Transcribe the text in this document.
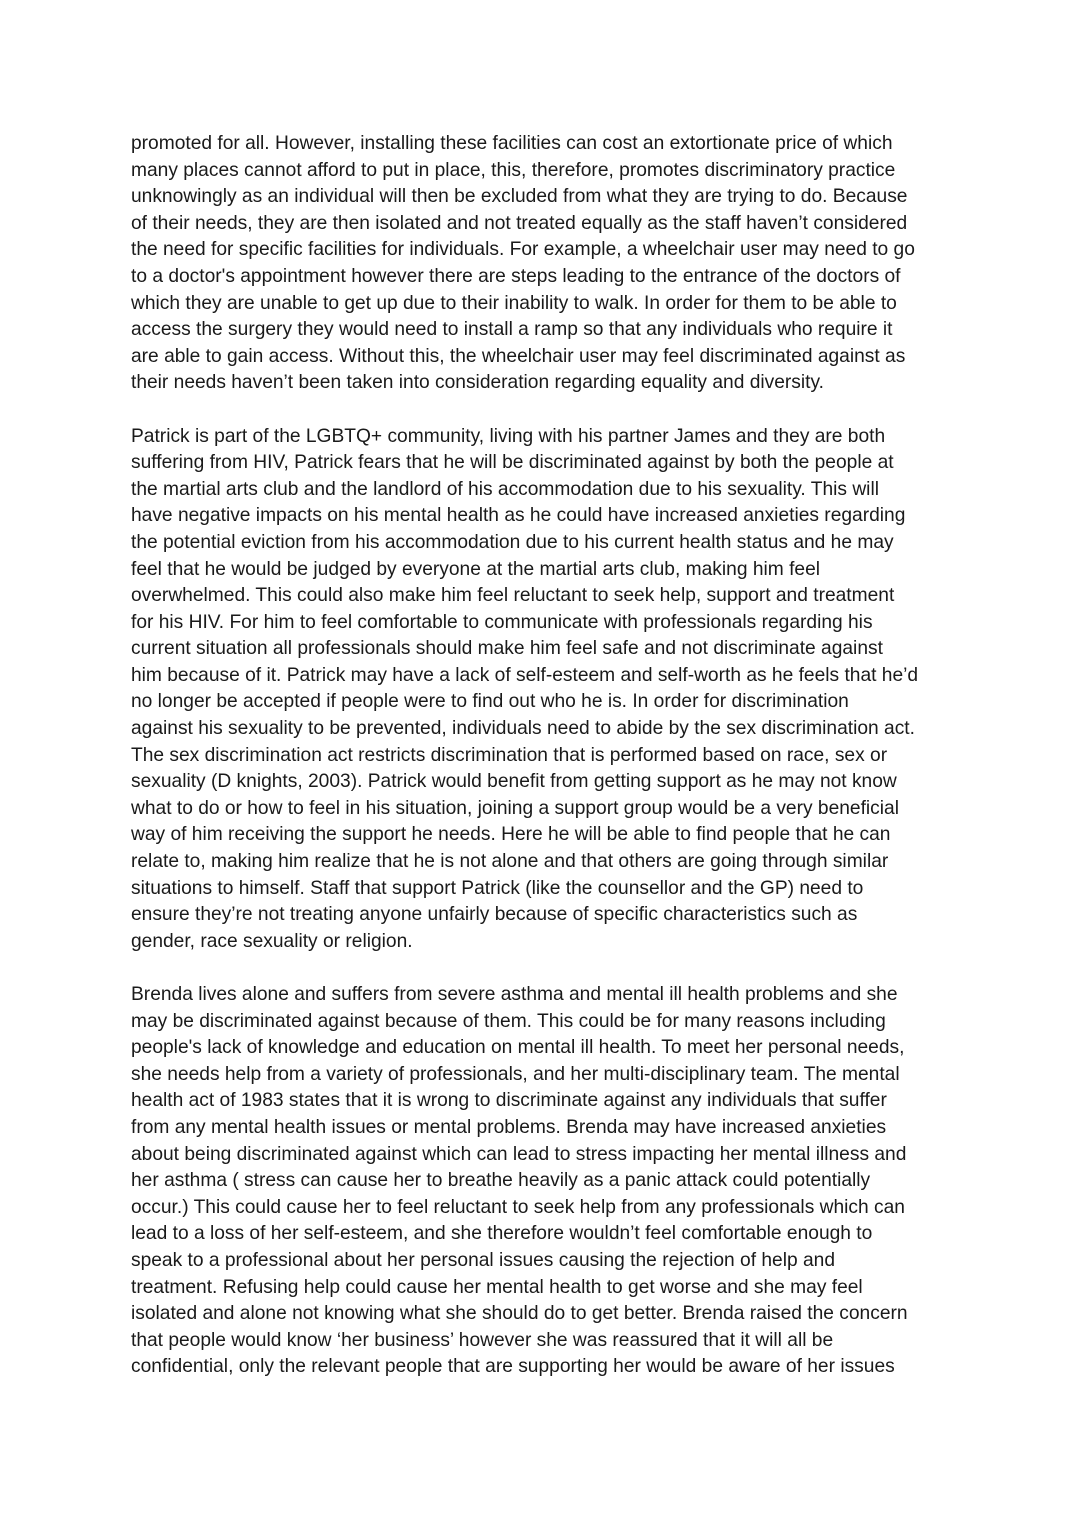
promoted for all. However, installing these facilities can cost an extortionate price of which
many places cannot afford to put in place, this, therefore, promotes discriminatory practice
unknowingly as an individual will then be excluded from what they are trying to do. Because
of their needs, they are then isolated and not treated equally as the staff haven’t considered
the need for specific facilities for individuals. For example, a wheelchair user may need to go
to a doctor's appointment however there are steps leading to the entrance of the doctors of
which they are unable to get up due to their inability to walk. In order for them to be able to
access the surgery they would need to install a ramp so that any individuals who require it
are able to gain access. Without this, the wheelchair user may feel discriminated against as
their needs haven’t been taken into consideration regarding equality and diversity.
Patrick is part of the LGBTQ+ community, living with his partner James and they are both
suffering from HIV, Patrick fears that he will be discriminated against by both the people at
the martial arts club and the landlord of his accommodation due to his sexuality. This will
have negative impacts on his mental health as he could have increased anxieties regarding
the potential eviction from his accommodation due to his current health status and he may
feel that he would be judged by everyone at the martial arts club, making him feel
overwhelmed. This could also make him feel reluctant to seek help, support and treatment
for his HIV. For him to feel comfortable to communicate with professionals regarding his
current situation all professionals should make him feel safe and not discriminate against
him because of it. Patrick may have a lack of self-esteem and self-worth as he feels that he’d
no longer be accepted if people were to find out who he is. In order for discrimination
against his sexuality to be prevented, individuals need to abide by the sex discrimination act.
The sex discrimination act restricts discrimination that is performed based on race, sex or
sexuality (D knights, 2003). Patrick would benefit from getting support as he may not know
what to do or how to feel in his situation, joining a support group would be a very beneficial
way of him receiving the support he needs. Here he will be able to find people that he can
relate to, making him realize that he is not alone and that others are going through similar
situations to himself. Staff that support Patrick (like the counsellor and the GP) need to
ensure they’re not treating anyone unfairly because of specific characteristics such as
gender, race sexuality or religion.
Brenda lives alone and suffers from severe asthma and mental ill health problems and she
may be discriminated against because of them. This could be for many reasons including
people's lack of knowledge and education on mental ill health. To meet her personal needs,
she needs help from a variety of professionals, and her multi-disciplinary team. The mental
health act of 1983 states that it is wrong to discriminate against any individuals that suffer
from any mental health issues or mental problems. Brenda may have increased anxieties
about being discriminated against which can lead to stress impacting her mental illness and
her asthma ( stress can cause her to breathe heavily as a panic attack could potentially
occur.) This could cause her to feel reluctant to seek help from any professionals which can
lead to a loss of her self-esteem, and she therefore wouldn’t feel comfortable enough to
speak to a professional about her personal issues causing the rejection of help and
treatment. Refusing help could cause her mental health to get worse and she may feel
isolated and alone not knowing what she should do to get better. Brenda raised the concern
that people would know ‘her business’ however she was reassured that it will all be
confidential, only the relevant people that are supporting her would be aware of her issues
